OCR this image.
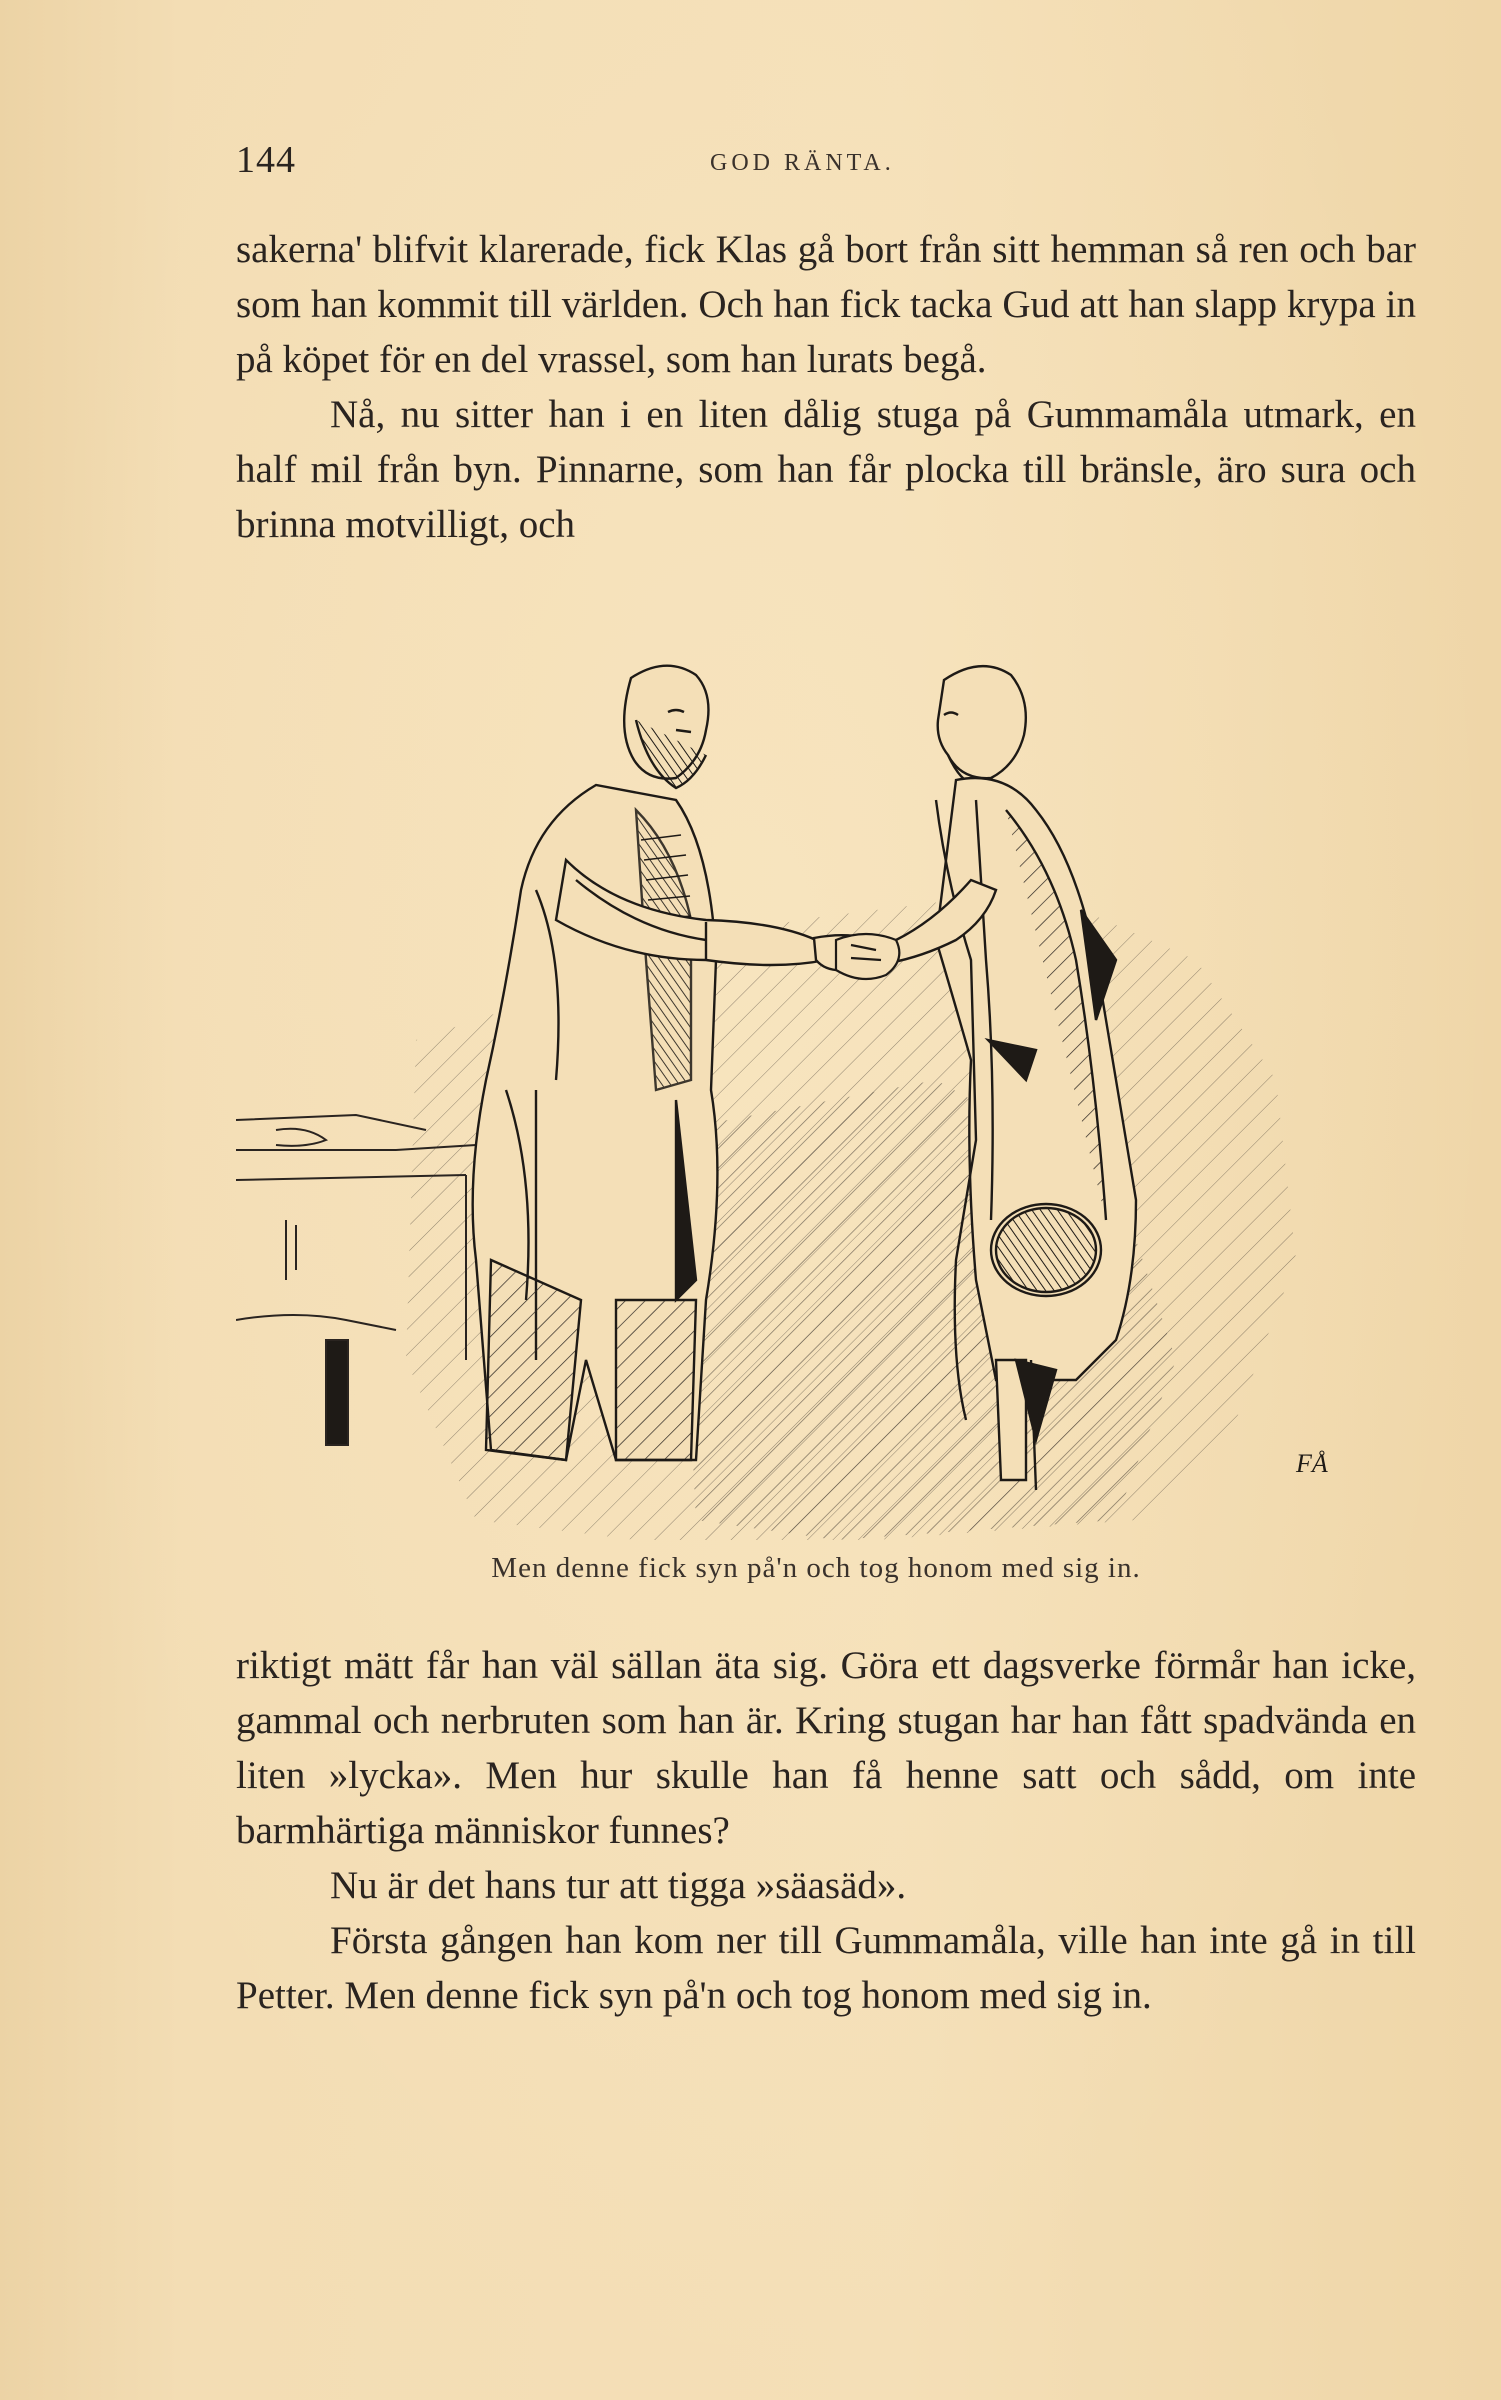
144	GOD RÄNTA.

sakerna' blifvit klarerade, fick Klas gå bort från sitt hemman så ren och bar som han kommit till världen. Och han fick tacka Gud att han slapp krypa in på köpet för en del vrassel, som han lurats begå.

Nå, nu sitter han i en liten dålig stuga på Gummamåla utmark, en half mil från byn. Pinnarne, som han får plocka till bränsle, äro sura och brinna motvilligt, och

FÅ
Men denne fick syn på'n och tog honom med sig in.

riktigt mätt får han väl sällan äta sig. Göra ett dagsverke förmår han icke, gammal och nerbruten som han är. Kring stugan har han fått spadvända en liten »lycka». Men hur skulle han få henne satt och sådd, om inte barmhärtiga människor funnes?

Nu är det hans tur att tigga »säasäd».

Första gången han kom ner till Gummamåla, ville han inte gå in till Petter. Men denne fick syn på'n och tog honom med sig in.
